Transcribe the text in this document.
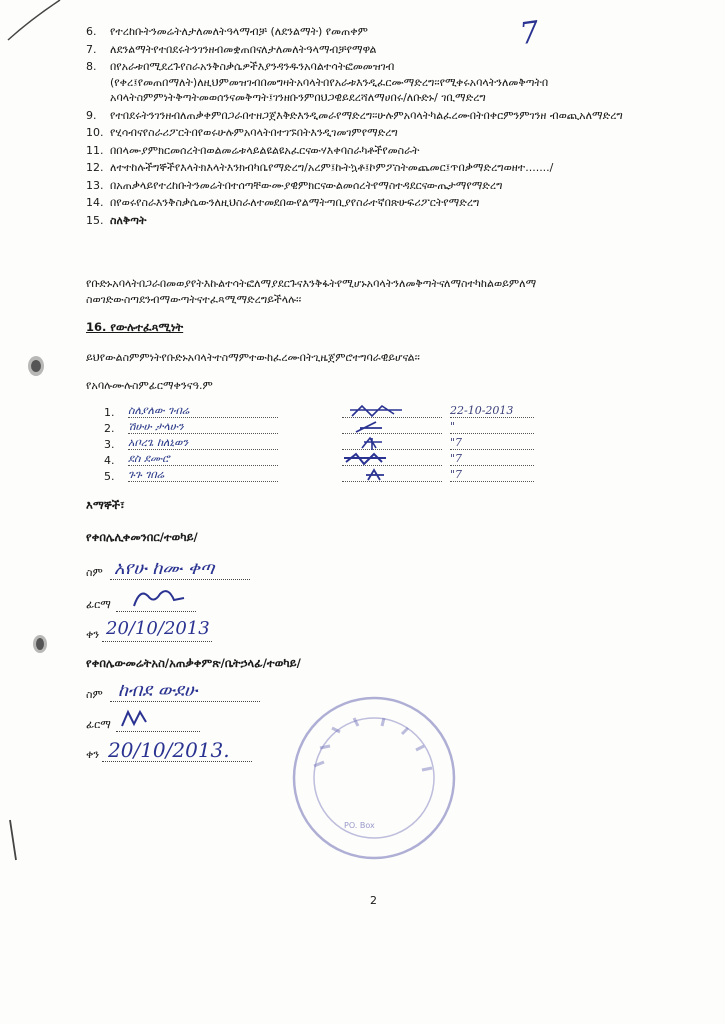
7
6.	የተረከቡትንመሬትለታለመለትዓላማብቻ (ለደንልማት) የመጠቀም
7.	ለደንልማትየተበደሩትንገንዘብመቋጠበናለታለመለትዓላማብቻየማዋል
8.	በየአራቱበሚደረጉየስራአንቅስቃሴዎችእያንዳንዱንአባልተሳትፎመመዝገብ (የቀረ፤የመጠበማለት)ለዚህምመዝገብበመግዛትአባላትበየአራቱእንዲፈርሙማድረግ፡፡የሚቀሩአባላትንለመቅጣትበ አባላትስምምነትቅጣትመወሰንናመቅጣት፤ገንዘቡንምበህጋዊይደረሻለማሀበሩ/ለቡድኑ/ ገቢማድረግ
9.	የተበደሩትንገንዘብለጠቃቀምበጋራበተዘጋጀእቅድእንዲመራየማድረግ፡፡ሁሉምአባላትካልፈረሙበትበቀርምንምገንዘ ብወጪአለማድረግ
10. የሂሳብናየስራሪፖርትበየወሩሁሉምአባላትበተገኙበትእንዲገመገምየማድረግ
11. በበላሙያምክርመሰረትበወልመሬቱላይልዩልዩአፈርናውሃእቀባስራካቶችየመስራት
12. ለተተከሉችግኞችየእላትክእላትእንክብካቤየማድረግ/አረም፤ኩትኳቶ፤ኮምፖስትመጨመር፤ጥበቃማድረግወዘተ......./
13. በአጠቃላይየተረከቡትንመሬትበተሰጣቸውሙያዊምክርናውልመሰረትየማስተዳደርናውጤታማየማድረግ
14. በየወሩየስራእንቅስቃሴውንለዚህስራለተመደበውየልማትጣቢያየስራተኛበጽሁፍሪፖርትየማድረግ
15. ስለቅጣት
የቡድኑአባላትበጋራበመወያየትእኩልተሳትፎለማያደርጉናእንቅፋትየሚሆኑአባላትንለመቅጣትናለማስተካከልወይምለማ ስወገድውስጣደንብማውጣትናተፈጻሚማድረግይችላሉ፡፡
16. የውሉተፈጻሚነት
ይህየውልስምምነትየቡድኑአባላትተስማምተውከፈረሙበትጊዜጀምሮተግባራዊይሆናል፡፡
የአባሉሙሉስምፊርማቀንናዓ.ም
1. ስለያለው ገብሬ	22-10-2013
2. ሽሁሁ ታላሁን	"
3. አቦረጌ ከለኒወን	"7
4. ደስ ደሙሮ	"7
5. ጉጉ ገበሬ	"7
እማኞች፣
የቀበሌሊቀመንበር/ተወካይ/
ስም አየሁ ከሙ ቀጣ
ፊርማ
ቀን 20/10/2013
የቀበሌውመሬትአስ/አጠቃቀምጽ/ቤትኃላፊ/ተወካይ/
ስም ከብደ ውደሁ
ፊርማ
ቀን 20/10/2013.
PO. Box
2
